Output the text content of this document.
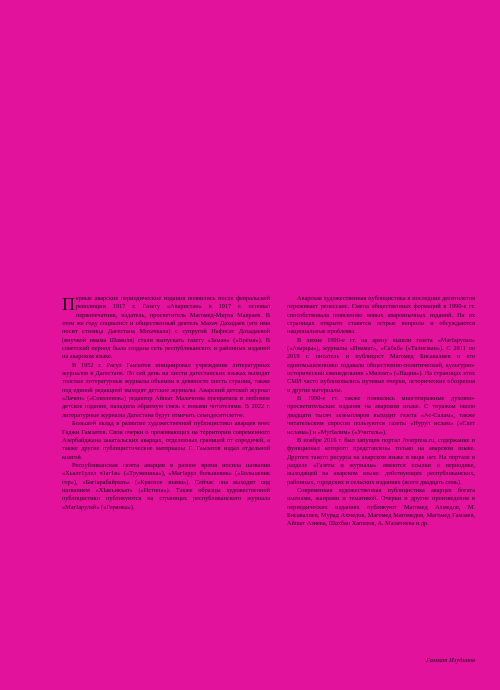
Первые аварские периодические издания появились после февральской революции 1917 г. Газету «Аваристан» в 1917 г. основал первопечатник, издатель, просветитель Магомед-Мирза Мавраев. В этом же году социалист и общественный деятель Махач Дахадаев (его имя носит столица Дагестана Махачкала) с супругой Нафисат Дахадаевой (внучкой имама Шамиля) стали выпускать газету «Заман» («Время»). В советский период была создана сеть республиканских и районных изданий на аварском языке.

В 1952 г. Расул Гамзатов инициировал учреждение литературных журналов в Дагестане. По сей день на шести дагестанских языках выходят толстые литературные журналы объемом в девяносто шесть страниц, также под единой редакцией выходят детские журналы. Аварский детский журнал «Лачен» («Соколенок») редактор Айшат Малачиева превратила в любимое детское издание, наладила обратную связь с юными читателями. В 2022 г. литературные журналы Дагестана будут отмечать семидесятилетие.

Большой вклад в развитие художественной публицистики аварцев внес Гаджи Гамзатов. Свои очерки о проживающих на территории современного Азербайджана закатальских аварцах, отделенных границей от сородичей, а также другие публицистические материалы Г. Гамзатов издал отдельной книгой.

Республиканская газета аварцев в разное время носила названия «Хьалт1улел ч1аг1и» («Труженика»), «МагIарул большевик» («Большевик гор»), «БагIарабайрахъ» («Красное знамя»). Сейчас она выходит под названием «ХIакъикъат» («Истина»). Также образцы художественной публицистики публикуются на страницах республиканского журнала «МагIарулай» («Горянка»).

Аварская художественная публицистика в последние десятилетия переживает ренессанс. Смена общественных формаций в 1990-е гг. способствовала появлению новых авароязычных изданий. На их страницах открыто ставятся острые вопросы и обсуждаются национальные проблемы.

В лихие 1990-е гг. на арену вышли газета «МагIарулал» («Аварцы»), журналы «Инамат», «Сабаб» («Талисман»). С 2011 по 2019 г. писатель и публицист Магомед Бисавалиев и его единомышленники издавали общественно-политический, культурно-исторический еженедельник «Миллат» («Нация»). На страницах этих СМИ часто публиковались путевые очерки, исторические обозрения и другие материалы.

В 1990-е гг. также появились многотиражные духовно-просветительские издания на аварском языке. С тиражом около двадцати тысяч экземпляров выходит газета «Ас-Салам», также читательским спросом пользуются газеты «Нурул ислам» («Свет ислама») и «МугIалим» («Учитель»).

В ноябре 2016 г. был запущен портал Avarpress.ru, содержание и функционал которого представлены только на аварском языке. Другого такого ресурса на аварском языке в мире нет. На портале в разделе «Газеты и журналы» имеются ссылки о периодике, выходящей на аварском языке: действующих республиканских, районных, городских и сельских изданиях (всего двадцать семь).

Современная художественная публицистика аварцев богата именами, жанрами и тематикой. Очерки и другие произведения в периодических изданиях публикуют Магомед Ахмедов, М. Бисавалиев, Мурад Ахмедов, Магомед Магомедов, Магомед Гамзаев, Айшат Азиева, Шахбан Хапизов, А. Малачиева и др.

Гамзат Изудинов
